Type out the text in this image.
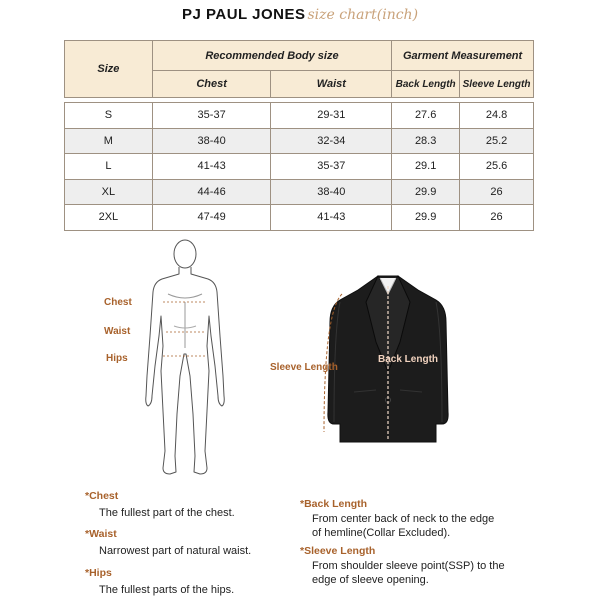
PJ PAUL JONES size chart(inch)
Size	Recommended Body size		Garment Measurement	
	Chest	Waist	Back Length	Sleeve Length

S	35-37	29-31	27.6	24.8
M	38-40	32-34	28.3	25.2
L	41-43	35-37	29.1	25.6
XL	44-46	38-40	29.9	26
2XL	47-49	41-43	29.9	26
Chest
Waist
Hips
Sleeve Length
Back Length
*Chest
The fullest part of the chest.
*Waist
Narrowest part of natural waist.
*Hips
The fullest parts of the hips.
*Back Length
From center back of neck to the edge
of hemline(Collar Excluded).
*Sleeve Length
From shoulder sleeve point(SSP) to the
edge of sleeve opening.
